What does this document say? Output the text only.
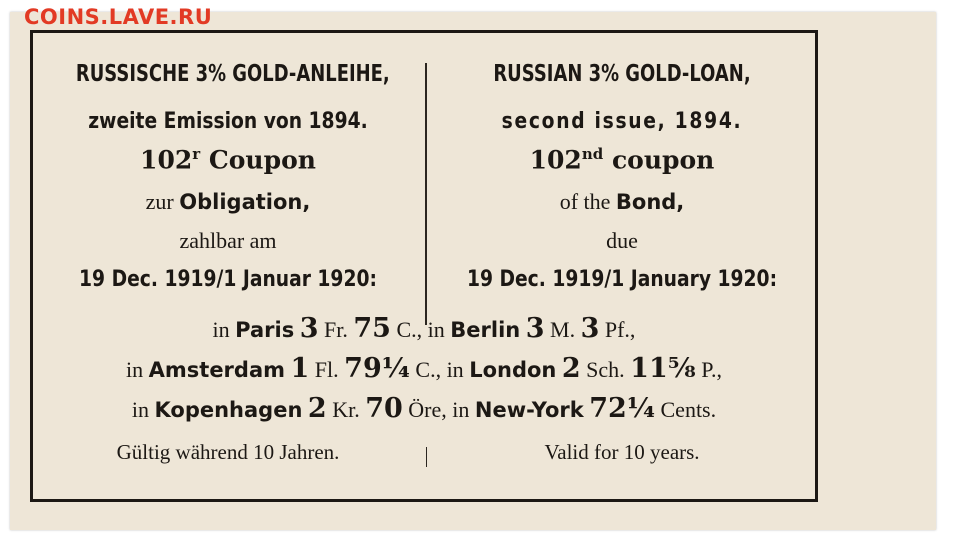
COINS.LAVE.RU
RUSSISCHE 3% GOLD-ANLEIHE,
zweite Emission von 1894.
102$^r$ Coupon
zur Obligation,
zahlbar am
19 Dec. 1919/1 Januar 1920:
RUSSIAN 3% GOLD-LOAN,
second issue, 1894.
102nd coupon
of the Bond,
due
19 Dec. 1919/1 January 1920:
in Paris 3 Fr. 75 C., in Berlin 3 M. 3 Pf.,
in Amsterdam 1 Fl. 79¼ C., in London 2 Sch. 11⅝ P.,
in Kopenhagen 2 Kr. 70 Öre, in New-York 72¼ Cents.
Gültig während 10 Jahren.	Valid for 10 years.
